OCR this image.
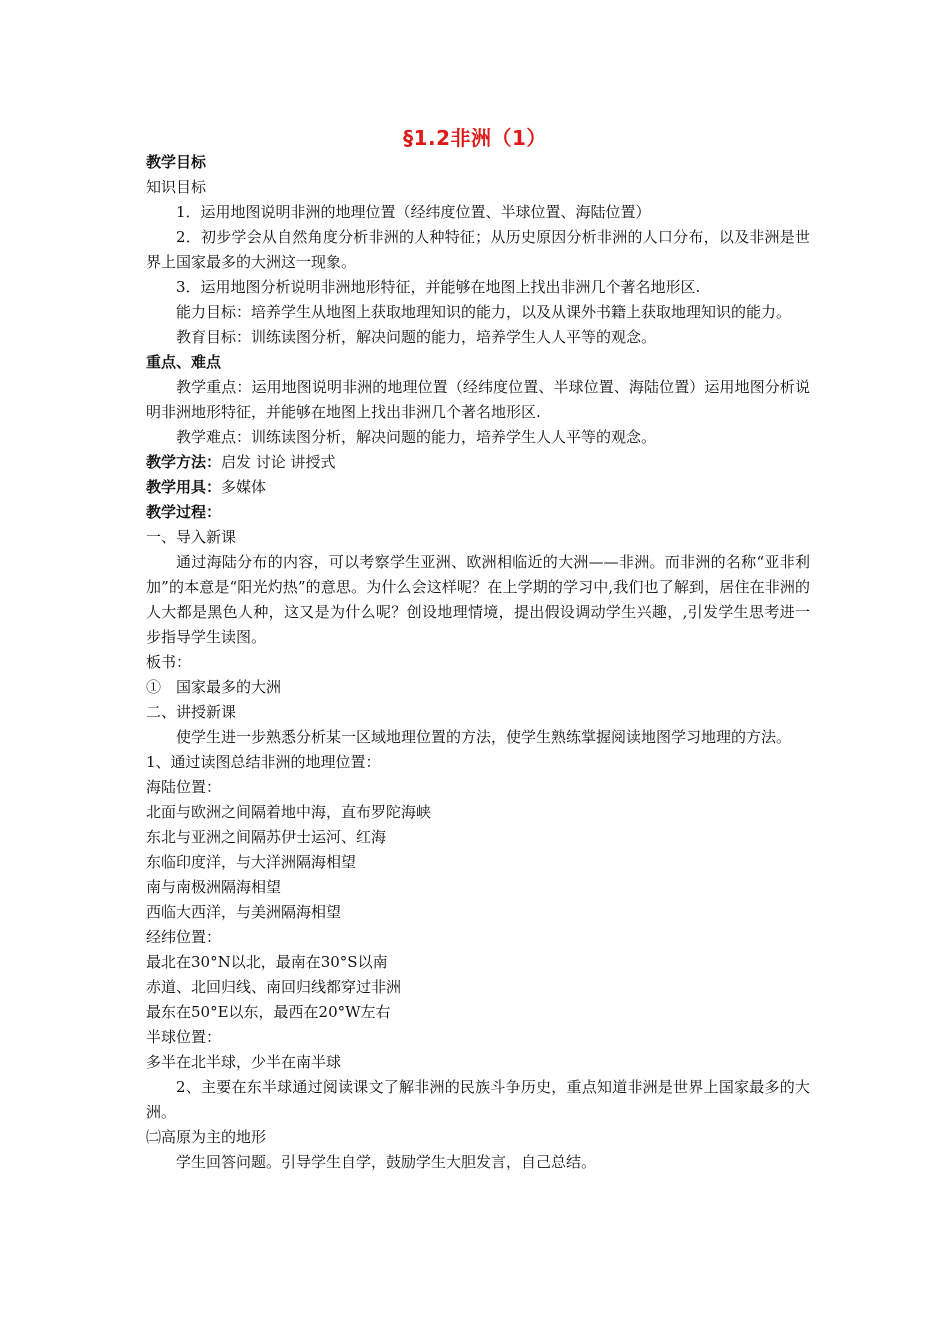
§1.2非洲（1）
教学目标
知识目标
1．运用地图说明非洲的地理位置（经纬度位置、半球位置、海陆位置）
2．初步学会从自然角度分析非洲的人种特征；从历史原因分析非洲的人口分布，以及非洲是世界上国家最多的大洲这一现象。
3．运用地图分析说明非洲地形特征，并能够在地图上找出非洲几个著名地形区.
能力目标：培养学生从地图上获取地理知识的能力，以及从课外书籍上获取地理知识的能力。
教育目标：训练读图分析，解决问题的能力，培养学生人人平等的观念。
重点、难点
教学重点：运用地图说明非洲的地理位置（经纬度位置、半球位置、海陆位置）运用地图分析说明非洲地形特征，并能够在地图上找出非洲几个著名地形区.
教学难点：训练读图分析，解决问题的能力，培养学生人人平等的观念。
教学方法：启发 讨论 讲授式
教学用具：多媒体
教学过程：
一、导入新课
通过海陆分布的内容，可以考察学生亚洲、欧洲相临近的大洲——非洲。而非洲的名称“亚非利加”的本意是“阳光灼热”的意思。为什么会这样呢？在上学期的学习中,我们也了解到，居住在非洲的人大都是黑色人种，这又是为什么呢？创设地理情境，提出假设调动学生兴趣，,引发学生思考进一步指导学生读图。
板书：
①　国家最多的大洲
二、讲授新课
使学生进一步熟悉分析某一区域地理位置的方法，使学生熟练掌握阅读地图学习地理的方法。
1、通过读图总结非洲的地理位置：
海陆位置：
北面与欧洲之间隔着地中海，直布罗陀海峡
东北与亚洲之间隔苏伊士运河、红海
东临印度洋，与大洋洲隔海相望
南与南极洲隔海相望
西临大西洋，与美洲隔海相望
经纬位置：
最北在30°N以北，最南在30°S以南
赤道、北回归线、南回归线都穿过非洲
最东在50°E以东，最西在20°W左右
半球位置：
多半在北半球，少半在南半球
2、主要在东半球通过阅读课文了解非洲的民族斗争历史，重点知道非洲是世界上国家最多的大洲。
㈡高原为主的地形
学生回答问题。引导学生自学，鼓励学生大胆发言，自己总结。
